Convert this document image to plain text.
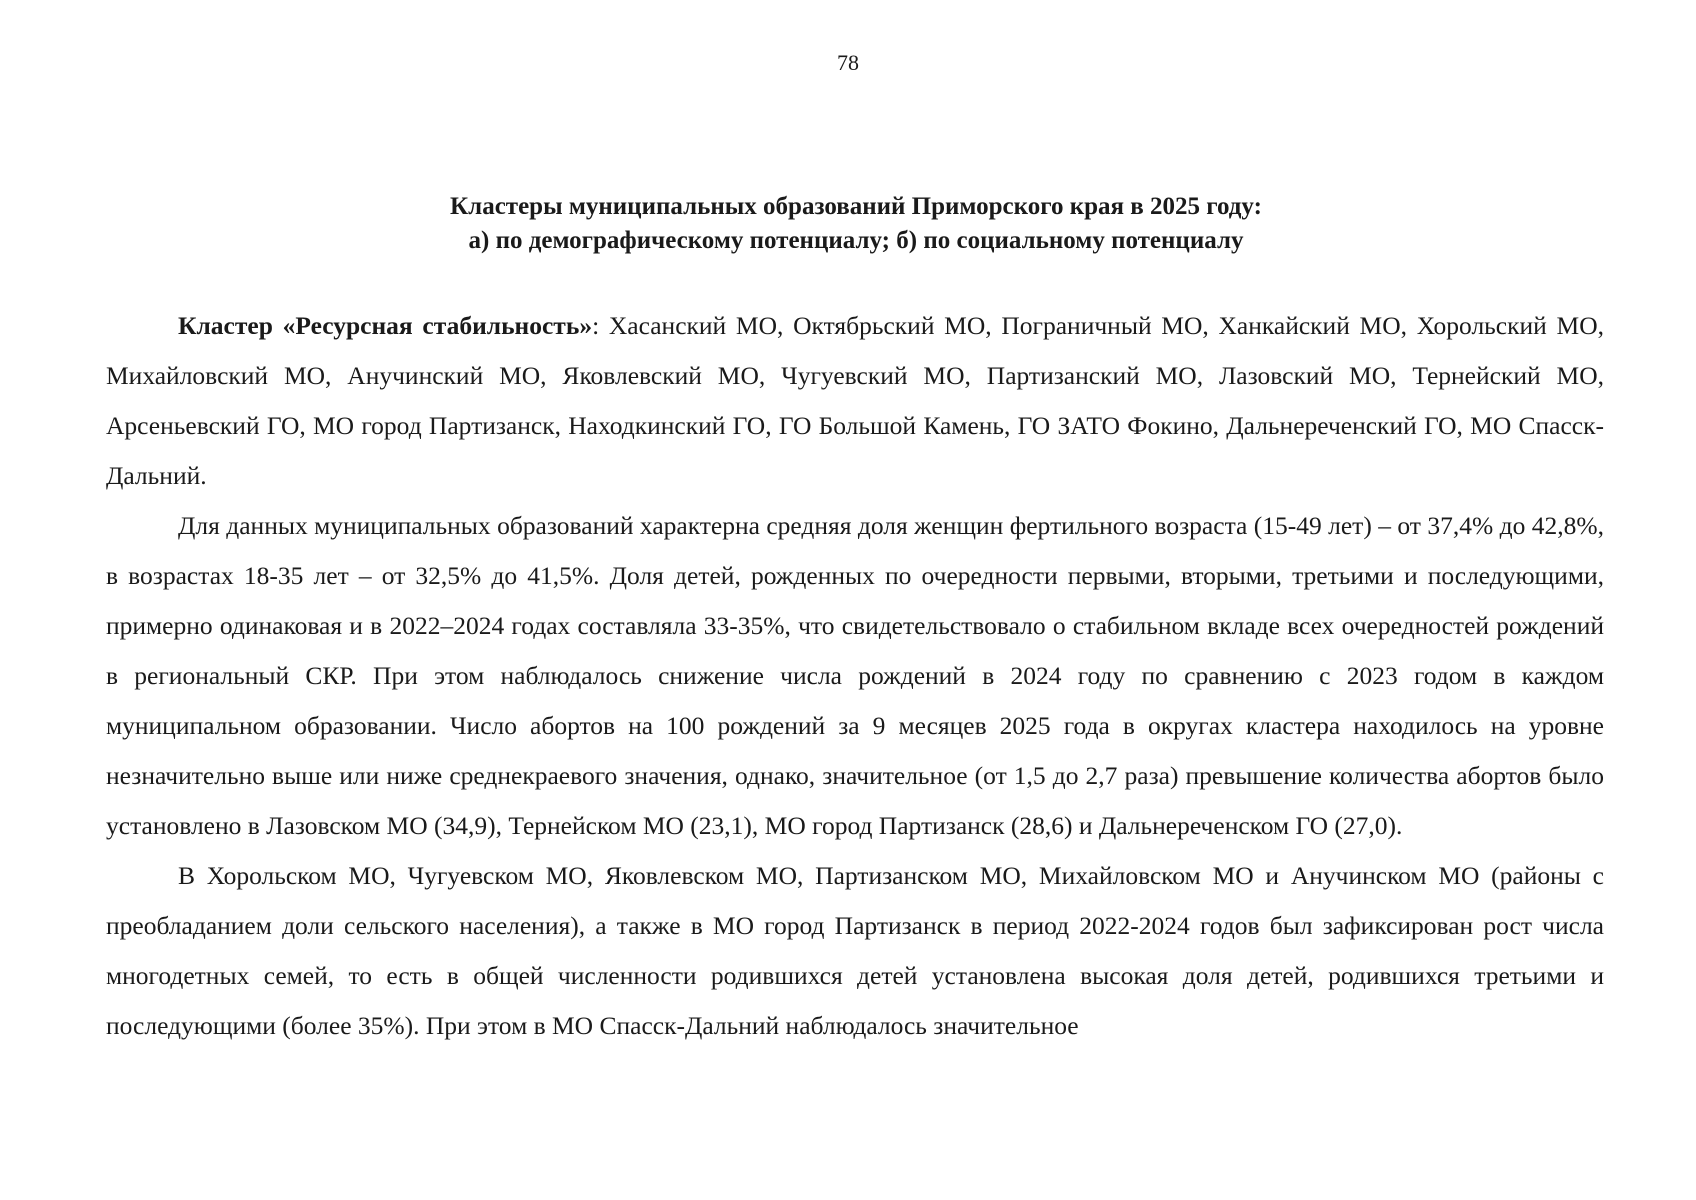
78
Кластеры муниципальных образований Приморского края в 2025 году:
а) по демографическому потенциалу; б) по социальному потенциалу

Кластер «Ресурсная стабильность»: Хасанский МО, Октябрьский МО, Пограничный МО, Ханкайский МО, Хорольский МО, Михайловский МО, Анучинский МО, Яковлевский МО, Чугуевский МО, Партизанский МО, Лазовский МО, Тернейский МО, Арсеньевский ГО, МО город Партизанск, Находкинский ГО, ГО Большой Камень, ГО ЗАТО Фокино, Дальнереченский ГО, МО Спасск-Дальний.

Для данных муниципальных образований характерна средняя доля женщин фертильного возраста (15-49 лет) – от 37,4% до 42,8%, в возрастах 18-35 лет – от 32,5% до 41,5%. Доля детей, рожденных по очередности первыми, вторыми, третьими и последующими, примерно одинаковая и в 2022–2024 годах составляла 33-35%, что свидетельствовало о стабильном вкладе всех очередностей рождений в региональный СКР. При этом наблюдалось снижение числа рождений в 2024 году по сравнению с 2023 годом в каждом муниципальном образовании. Число абортов на 100 рождений за 9 месяцев 2025 года в округах кластера находилось на уровне незначительно выше или ниже среднекраевого значения, однако, значительное (от 1,5 до 2,7 раза) превышение количества абортов было установлено в Лазовском МО (34,9), Тернейском МО (23,1), МО город Партизанск (28,6) и Дальнереченском ГО (27,0).

В Хорольском МО, Чугуевском МО, Яковлевском МО, Партизанском МО, Михайловском МО и Анучинском МО (районы с преобладанием доли сельского населения), а также в МО город Партизанск в период 2022-2024 годов был зафиксирован рост числа многодетных семей, то есть в общей численности родившихся детей установлена высокая доля детей, родившихся третьими и последующими (более 35%). При этом в МО Спасск-Дальний наблюдалось значительное
